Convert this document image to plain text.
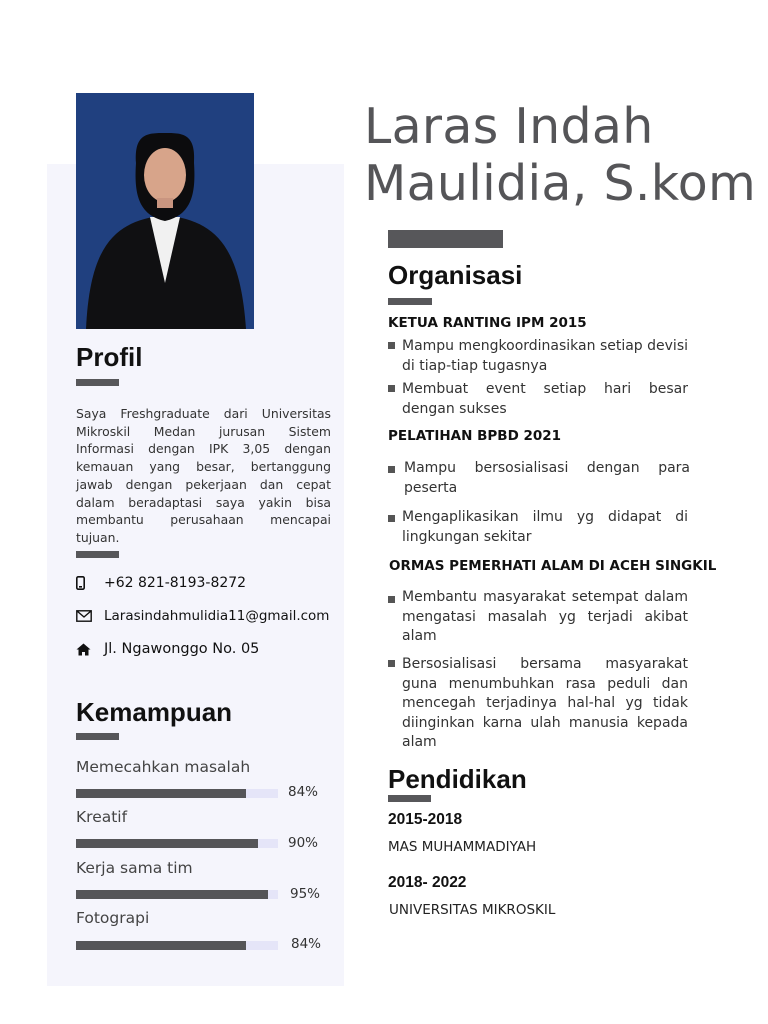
Laras Indah
Maulidia, S.kom
Profil
Saya Freshgraduate dari Universitas Mikroskil Medan jurusan Sistem Informasi dengan IPK 3,05 dengan kemauan yang besar, bertanggung jawab dengan pekerjaan dan cepat dalam beradaptasi saya yakin bisa membantu perusahaan mencapai tujuan.
+62 821-8193-8272
Larasindahmulidia11@gmail.com
Jl. Ngawonggo No. 05
Kemampuan
Memecahkan masalah
84%
Kreatif
90%
Kerja sama tim
95%
Fotograpi
84%
Organisasi
KETUA RANTING IPM 2015
Mampu mengkoordinasikan setiap devisi di tiap-tiap tugasnya
Membuat event setiap hari besar dengan sukses
PELATIHAN BPBD 2021
Mampu bersosialisasi dengan para peserta
Mengaplikasikan ilmu yg didapat di lingkungan sekitar
ORMAS PEMERHATI ALAM DI ACEH SINGKIL
Membantu masyarakat setempat dalam mengatasi masalah yg terjadi akibat alam
Bersosialisasi bersama masyarakat guna menumbuhkan rasa peduli dan mencegah terjadinya hal-hal yg tidak diinginkan karna ulah manusia kepada alam
Pendidikan
2015-2018
MAS MUHAMMADIYAH
2018- 2022
UNIVERSITAS MIKROSKIL
